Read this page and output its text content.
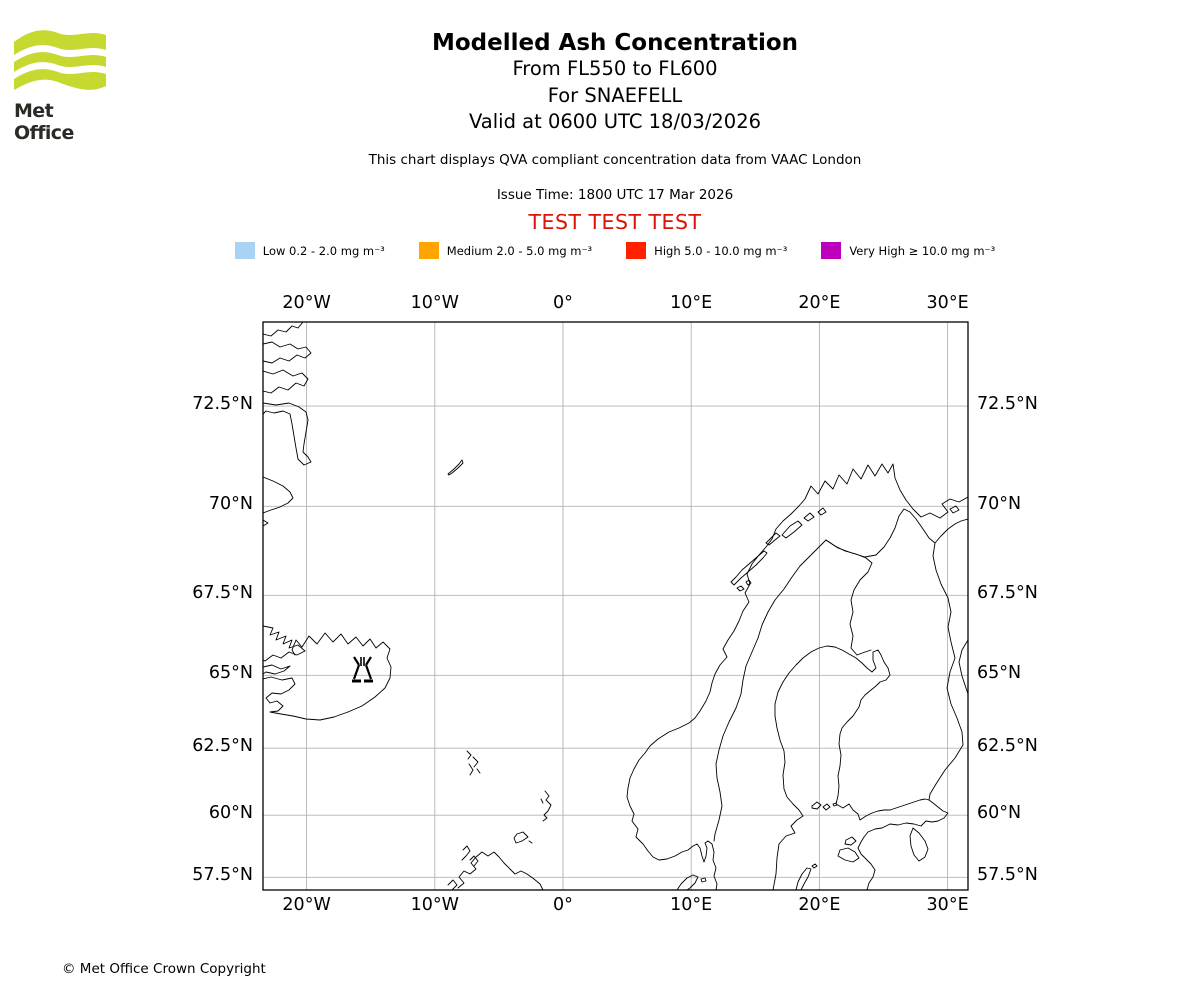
Met Office
Modelled Ash Concentration
From FL550 to FL600
For SNAEFELL
Valid at 0600 UTC 18/03/2026
This chart displays QVA compliant concentration data from VAAC London
Issue Time: 1800 UTC 17 Mar 2026
TEST TEST TEST
Low 0.2 - 2.0 mg m⁻³	Medium 2.0 - 5.0 mg m⁻³	High 5.0 - 10.0 mg m⁻³	Very High ≥ 10.0 mg m⁻³
20°W
20°W
10°W
10°W
0°
0°
10°E
10°E
20°E
20°E
30°E
30°E
72.5°N	72.5°N
70°N	70°N
67.5°N	67.5°N
65°N	65°N
62.5°N	62.5°N
60°N	60°N
57.5°N	57.5°N
© Met Office Crown Copyright
